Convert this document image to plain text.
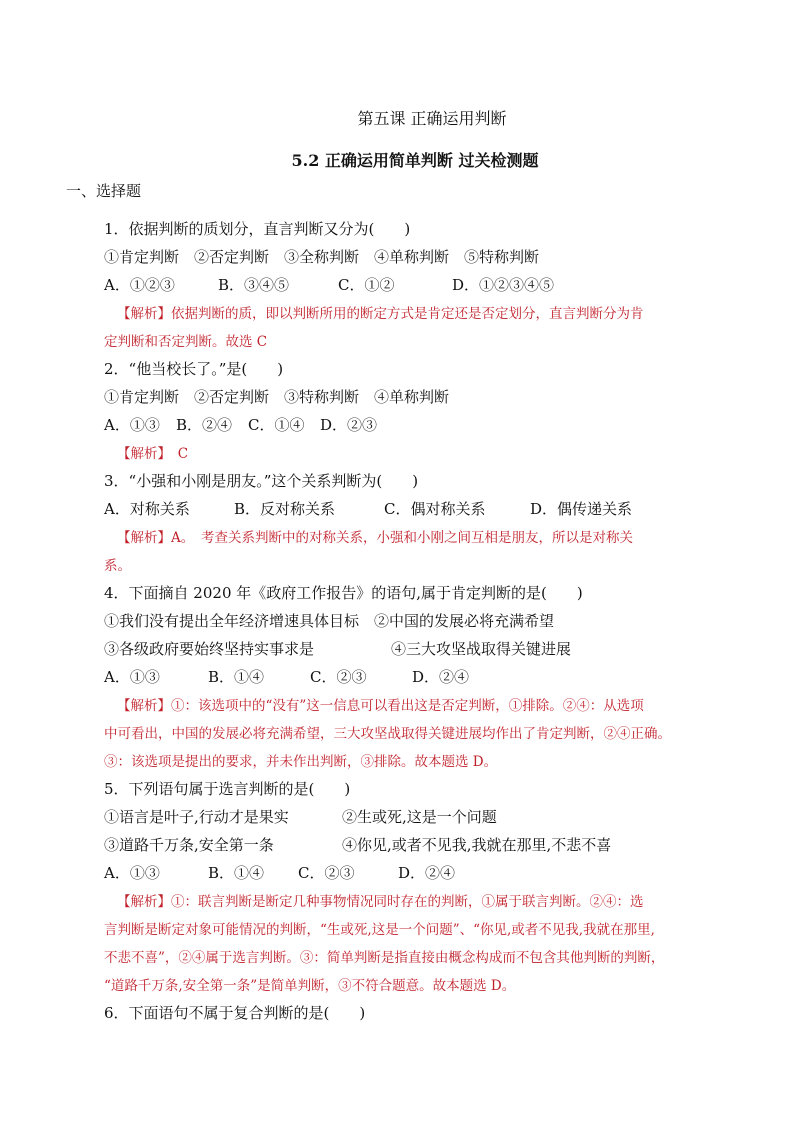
第五课 正确运用判断
5.2 正确运用简单判断 过关检测题
一、选择题
1．依据判断的质划分，直言判断又分为(　　)
①肯定判断　②否定判断　③全称判断　④单称判断　⑤特称判断
A．①②③	B．③④⑤	C．①②	D．①②③④⑤
【解析】依据判断的质，即以判断所用的断定方式是肯定还是否定划分，直言判断分为肯
定判断和否定判断。故选 C
2．“他当校长了。”是(　　)
①肯定判断　②否定判断　③特称判断　④单称判断
A．①③ B．②④ C．①④ D．②③
【解析】　C
3．“小强和小刚是朋友。”这个关系判断为(　　)
A．对称关系	B．反对称关系	C．偶对称关系	D．偶传递关系
【解析】A。　考查关系判断中的对称关系，小强和小刚之间互相是朋友，所以是对称关
系。
4．下面摘自 2020 年《政府工作报告》的语句,属于肯定判断的是(　　)
①我们没有提出全年经济增速具体目标　②中国的发展必将充满希望
③各级政府要始终坚持实事求是	④三大攻坚战取得关键进展
A．①③	B．①④	C．②③	D．②④
【解析】①：该选项中的“没有”这一信息可以看出这是否定判断，①排除。②④：从选项
中可看出，中国的发展必将充满希望，三大攻坚战取得关键进展均作出了肯定判断，②④正确。
③：该选项是提出的要求，并未作出判断，③排除。故本题选 D。
5．下列语句属于选言判断的是(　　)
①语言是叶子,行动才是果实	②生或死,这是一个问题
③道路千万条,安全第一条	④你见,或者不见我,我就在那里,不悲不喜
A．①③	B．①④ C．②③	D．②④
【解析】①：联言判断是断定几种事物情况同时存在的判断，①属于联言判断。②④：选
言判断是断定对象可能情况的判断，“生或死,这是一个问题”、“你见,或者不见我,我就在那里,
不悲不喜”，②④属于选言判断。③：简单判断是指直接由概念构成而不包含其他判断的判断，
“道路千万条,安全第一条”是简单判断，③不符合题意。故本题选 D。
6．下面语句不属于复合判断的是(　　)
